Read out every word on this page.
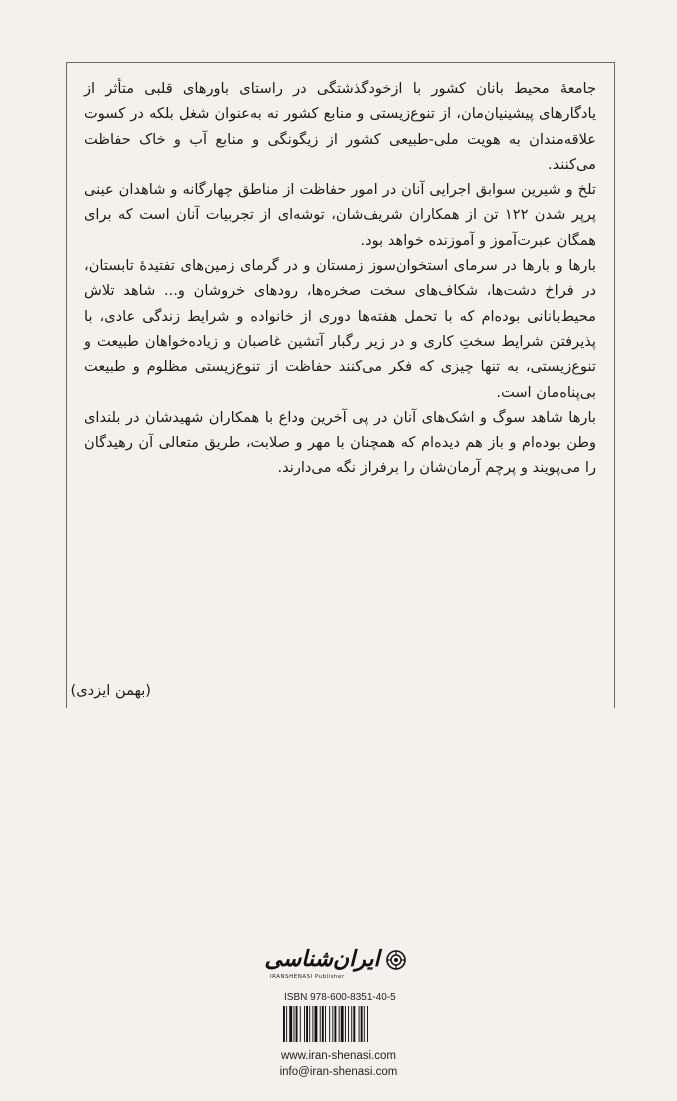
جامعهٔ محیط بانان کشور با ازخودگذشتگی در راستای باورهای قلبی متأثر از یادگارهای پیشینیان‌مان، از تنوع‌زیستی و منابع کشور نه به‌عنوان شغل بلکه در کسوت علاقه‌مندان به هویت ملی-طبیعی کشور از زیگونگی و منابع آب و خاک حفاظت می‌کنند.

تلخ و شیرین سوابق اجرایی آنان در امور حفاظت از مناطق چهارگانه و شاهدان عینی پرپر شدن ۱۲۲ تن از همکاران شریف‌شان، توشه‌ای از تجربیات آنان است که برای همگان عبرت‌آموز و آموزنده خواهد بود.

بارها و بارها در سرمای استخوان‌سوز زمستان و در گرمای زمین‌های تفتیدهٔ تابستان، در فراخ دشت‌ها، شکاف‌های سخت صخره‌ها، رودهای خروشان و... شاهد تلاش محیط‌بانانی بوده‌ام که با تحمل هفته‌ها دوری از خانواده و شرایط زندگی عادی، با پذیرفتن شرایط سختِ کاری و در زیر رگبار آتشین غاصبان و زیاده‌خواهان طبیعت و تنوع‌زیستی، به تنها چیزی که فکر می‌کنند حفاظت از تنوع‌زیستی مظلوم و طبیعت بی‌پناه‌مان است.

بارها شاهد سوگ و اشک‌های آنان در پی آخرین وداع با همکاران شهیدشان در بلندای وطن بوده‌ام و باز هم دیده‌ام که همچنان با مهر و صلابت، طریق متعالی آن رهیدگان را می‌پویند و پرچم آرمان‌شان را برفراز نگه می‌دارند.

(بهمن ایزدی)
ایران‌شناسی
IRANSHENASI Publisher
ISBN 978-600-8351-40-5
www.iran-shenasi.com
info@iran-shenasi.com
